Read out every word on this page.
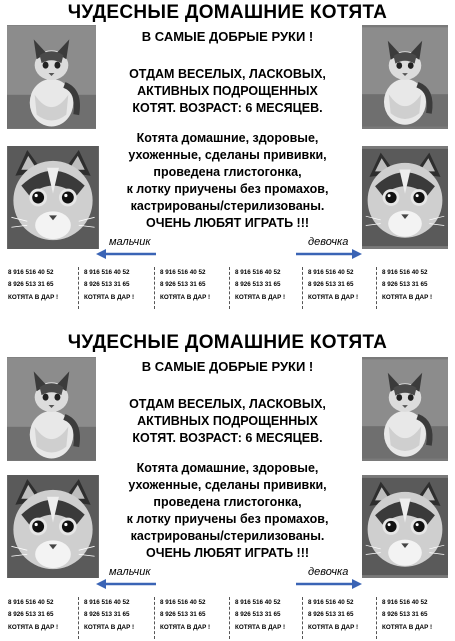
ЧУДЕСНЫЕ ДОМАШНИЕ КОТЯТА
В САМЫЕ ДОБРЫЕ РУКИ !
ОТДАМ ВЕСЕЛЫХ, ЛАСКОВЫХ,
АКТИВНЫХ ПОДРОЩЕННЫХ
КОТЯТ. ВОЗРАСТ: 6 МЕСЯЦЕВ.
Котята домашние, здоровые,
ухоженные, сделаны прививки,
проведена глистогонка,
к лотку приучены без промахов,
кастрированы/стерилизованы.
ОЧЕНЬ ЛЮБЯТ ИГРАТЬ !!!
мальчик	девочка
8 916 516 40 52
8 926 513 31 65
КОТЯТА В ДАР !
8 916 516 40 52
8 926 513 31 65
КОТЯТА В ДАР !
8 916 516 40 52
8 926 513 31 65
КОТЯТА В ДАР !
8 916 516 40 52
8 926 513 31 65
КОТЯТА В ДАР !
8 916 516 40 52
8 926 513 31 65
КОТЯТА В ДАР !
8 916 516 40 52
8 926 513 31 65
КОТЯТА В ДАР !
ЧУДЕСНЫЕ ДОМАШНИЕ КОТЯТА
В САМЫЕ ДОБРЫЕ РУКИ !
ОТДАМ ВЕСЕЛЫХ, ЛАСКОВЫХ,
АКТИВНЫХ ПОДРОЩЕННЫХ
КОТЯТ. ВОЗРАСТ: 6 МЕСЯЦЕВ.
Котята домашние, здоровые,
ухоженные, сделаны прививки,
проведена глистогонка,
к лотку приучены без промахов,
кастрированы/стерилизованы.
ОЧЕНЬ ЛЮБЯТ ИГРАТЬ !!!
мальчик	девочка
8 916 516 40 52
8 926 513 31 65
КОТЯТА В ДАР !
8 916 516 40 52
8 926 513 31 65
КОТЯТА В ДАР !
8 916 516 40 52
8 926 513 31 65
КОТЯТА В ДАР !
8 916 516 40 52
8 926 513 31 65
КОТЯТА В ДАР !
8 916 516 40 52
8 926 513 31 65
КОТЯТА В ДАР !
8 916 516 40 52
8 926 513 31 65
КОТЯТА В ДАР !
